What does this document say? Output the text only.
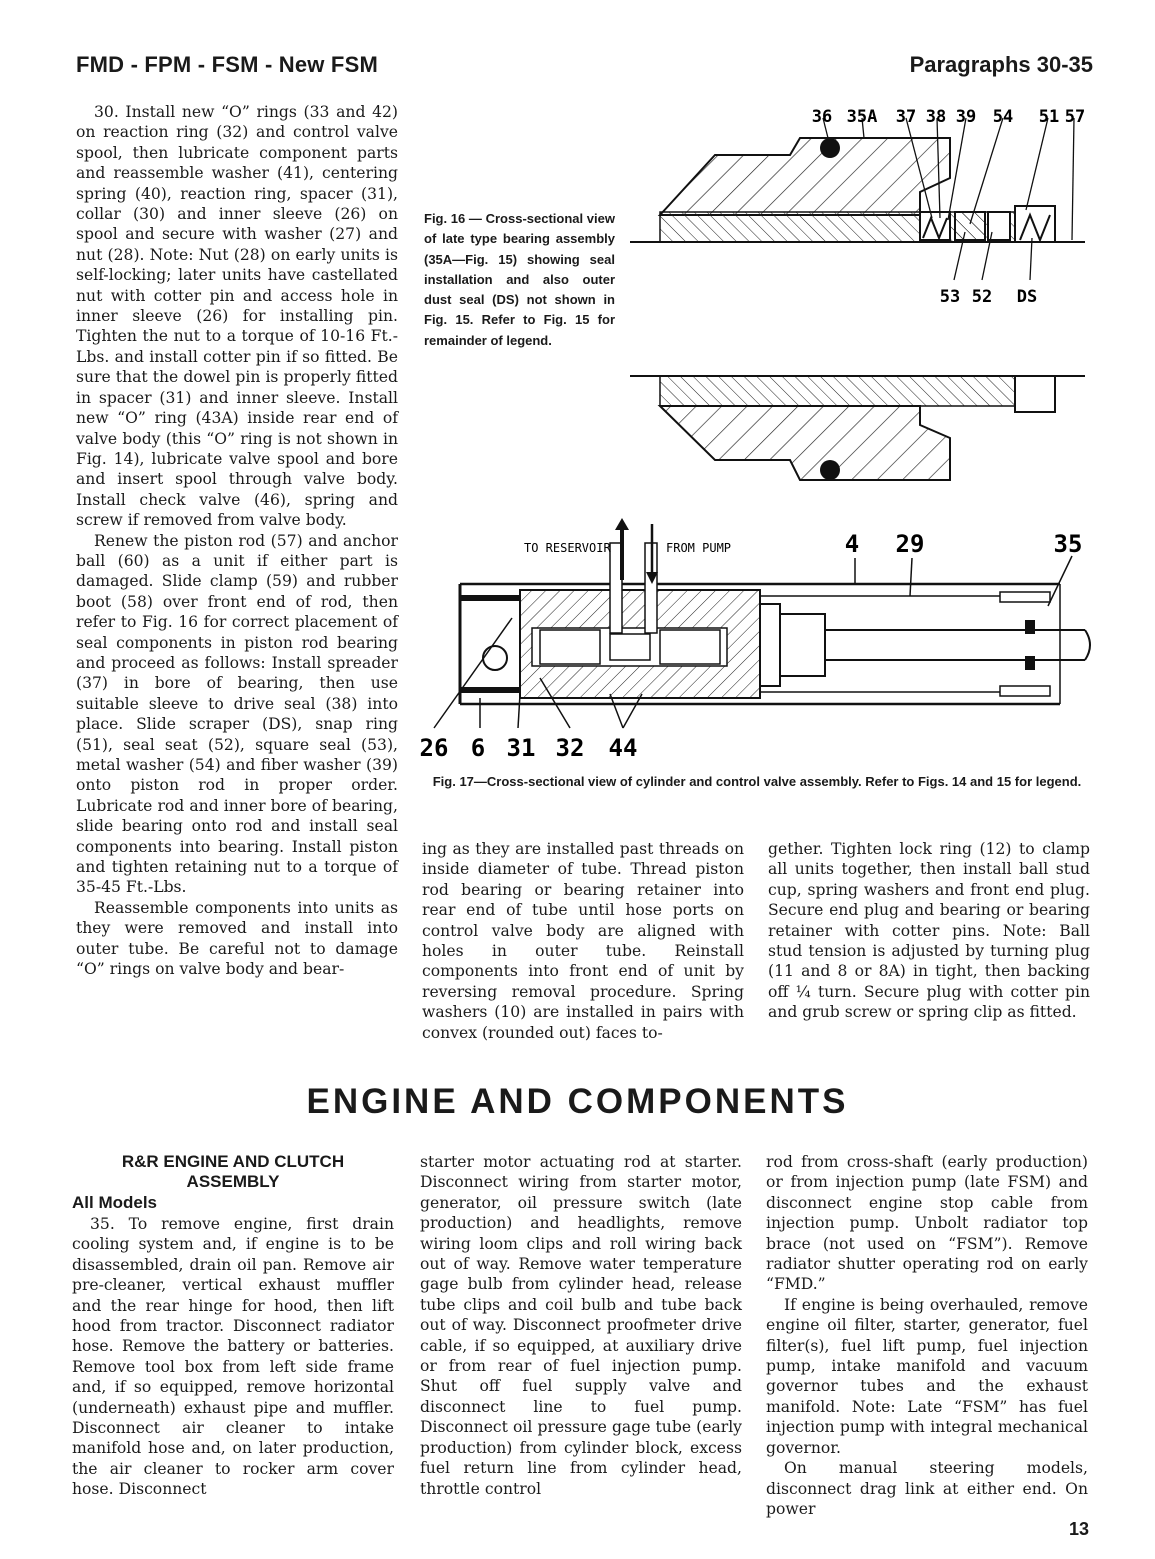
FMD - FPM - FSM - New FSM	Paragraphs 30-35

30. Install new “O” rings (33 and 42) on reaction ring (32) and control valve spool, then lubricate component parts and reassemble washer (41), centering spring (40), reaction ring, spacer (31), collar (30) and inner sleeve (26) on spool and secure with washer (27) and nut (28). Note: Nut (28) on early units is self-locking; later units have castellated nut with cotter pin and access hole in inner sleeve (26) for installing pin. Tighten the nut to a torque of 10-16 Ft.-Lbs. and install cotter pin if so fitted. Be sure that the dowel pin is properly fitted in spacer (31) and inner sleeve. Install new “O” ring (43A) inside rear end of valve body (this “O” ring is not shown in Fig. 14), lubricate valve spool and bore and insert spool through valve body. Install check valve (46), spring and screw if removed from valve body.

Renew the piston rod (57) and anchor ball (60) as a unit if either part is damaged. Slide clamp (59) and rubber boot (58) over front end of rod, then refer to Fig. 16 for correct placement of seal components in piston rod bearing and proceed as follows: Install spreader (37) in bore of bearing, then use suitable sleeve to drive seal (38) into place. Slide scraper (DS), snap ring (51), seal seat (52), square seal (53), metal washer (54) and fiber washer (39) onto piston rod in proper order. Lubricate rod and inner bore of bearing, slide bearing onto rod and install seal components into bearing. Install piston and tighten retaining nut to a torque of 35-45 Ft.-Lbs.

Reassemble components into units as they were removed and install into outer tube. Be careful not to damage “O” rings on valve body and bear-

Fig. 16 — Cross-sectional view of late type bearing assembly (35A—Fig. 15) showing seal installation and also outer dust seal (DS) not shown in Fig. 15. Refer to Fig. 15 for remainder of legend.
36 35A 37 38 39 54 51 57
53 52 DS
TO RESERVOIR	FROM PUMP	4 29	35
26 6 31 32 44
Fig. 17—Cross-sectional view of cylinder and control valve assembly. Refer to Figs. 14 and 15 for legend.

ing as they are installed past threads on inside diameter of tube. Thread piston rod bearing or bearing retainer into rear end of tube until hose ports on control valve body are aligned with holes in outer tube. Reinstall components into front end of unit by reversing removal procedure. Spring washers (10) are installed in pairs with convex (rounded out) faces to-

gether. Tighten lock ring (12) to clamp all units together, then install ball stud cup, spring washers and front end plug. Secure end plug and bearing or bearing retainer with cotter pins. Note: Ball stud tension is adjusted by turning plug (11 and 8 or 8A) in tight, then backing off ¼ turn. Secure plug with cotter pin and grub screw or spring clip as fitted.

ENGINE AND COMPONENTS
R&R ENGINE AND CLUTCH ASSEMBLY
All Models

35. To remove engine, first drain cooling system and, if engine is to be disassembled, drain oil pan. Remove air pre-cleaner, vertical exhaust muffler and the rear hinge for hood, then lift hood from tractor. Disconnect radiator hose. Remove the battery or batteries. Remove tool box from left side frame and, if so equipped, remove horizontal (underneath) exhaust pipe and muffler. Disconnect air cleaner to intake manifold hose and, on later production, the air cleaner to rocker arm cover hose. Disconnect

starter motor actuating rod at starter. Disconnect wiring from starter motor, generator, oil pressure switch (late production) and headlights, remove wiring loom clips and roll wiring back out of way. Remove water temperature gage bulb from cylinder head, release tube clips and coil bulb and tube back out of way. Disconnect proofmeter drive cable, if so equipped, at auxiliary drive or from rear of fuel injection pump. Shut off fuel supply valve and disconnect line to fuel pump. Disconnect oil pressure gage tube (early production) from cylinder block, excess fuel return line from cylinder head, throttle control

rod from cross-shaft (early production) or from injection pump (late FSM) and disconnect engine stop cable from injection pump. Unbolt radiator top brace (not used on “FSM”). Remove radiator shutter operating rod on early “FMD.”

If engine is being overhauled, remove engine oil filter, starter, generator, fuel filter(s), fuel lift pump, fuel injection pump, intake manifold and vacuum governor tubes and the exhaust manifold. Note: Late “FSM” has fuel injection pump with integral mechanical governor.

On manual steering models, disconnect drag link at either end. On power

13
